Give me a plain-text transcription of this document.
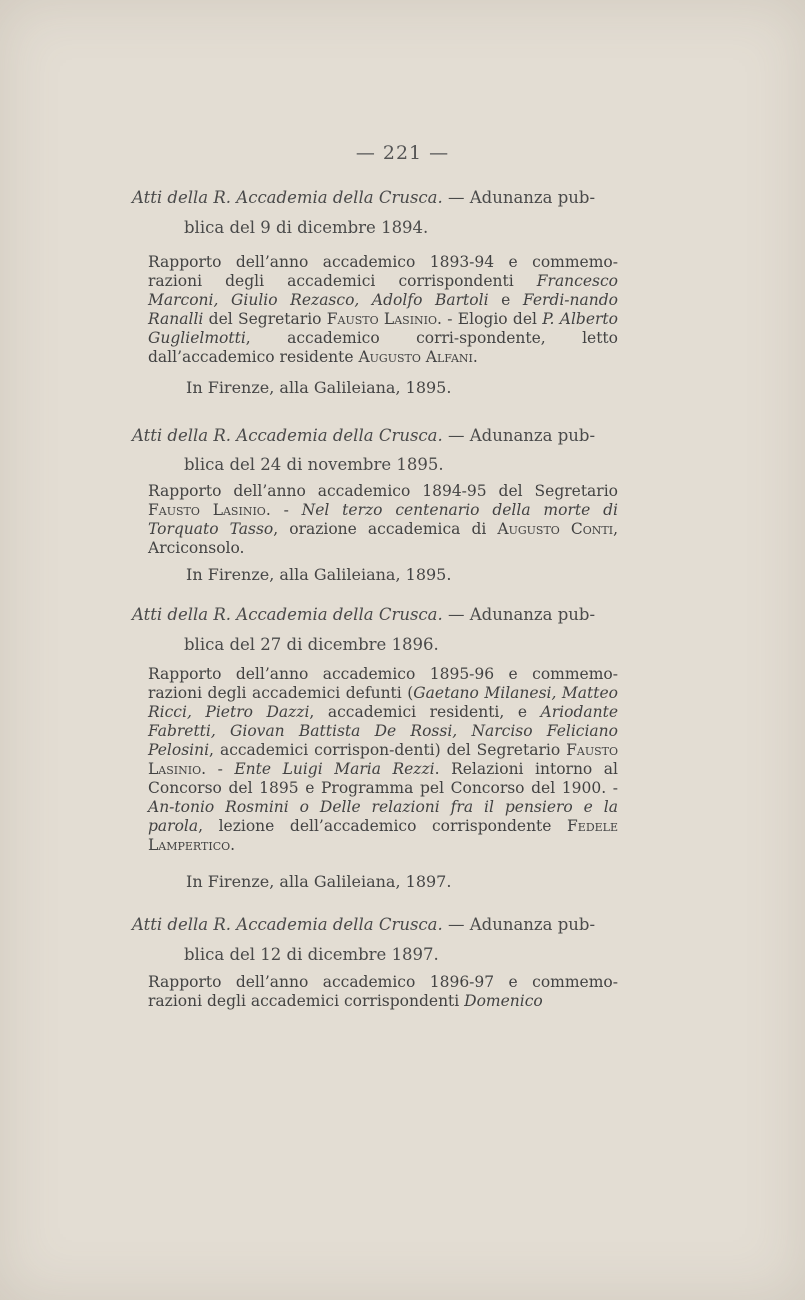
— 221 —
Atti della R. Accademia della Crusca. — Adunanza pub-
blica del 9 di dicembre 1894.
Rapporto dell’anno accademico 1893-94 e commemo-razioni degli accademici corrispondenti Francesco Marconi, Giulio Rezasco, Adolfo Bartoli e Ferdi-nando Ranalli del Segretario Fausto Lasinio. - Elogio del P. Alberto Guglielmotti, accademico corri-spondente, letto dall’accademico residente Augusto Alfani.
In Firenze, alla Galileiana, 1895.
Atti della R. Accademia della Crusca. — Adunanza pub-
blica del 24 di novembre 1895.
Rapporto dell’anno accademico 1894-95 del Segretario Fausto Lasinio. - Nel terzo centenario della morte di Torquato Tasso, orazione accademica di Augusto Conti, Arciconsolo.
In Firenze, alla Galileiana, 1895.
Atti della R. Accademia della Crusca. — Adunanza pub-
blica del 27 di dicembre 1896.
Rapporto dell’anno accademico 1895-96 e commemo-razioni degli accademici defunti (Gaetano Milanesi, Matteo Ricci, Pietro Dazzi, accademici residenti, e Ariodante Fabretti, Giovan Battista De Rossi, Narciso Feliciano Pelosini, accademici corrispon-denti) del Segretario Fausto Lasinio. - Ente Luigi Maria Rezzi. Relazioni intorno al Concorso del 1895 e Programma pel Concorso del 1900. - An-tonio Rosmini o Delle relazioni fra il pensiero e la parola, lezione dell’accademico corrispondente Fedele Lampertico.
In Firenze, alla Galileiana, 1897.
Atti della R. Accademia della Crusca. — Adunanza pub-
blica del 12 di dicembre 1897.
Rapporto dell’anno accademico 1896-97 e commemo-razioni degli accademici corrispondenti Domenico
